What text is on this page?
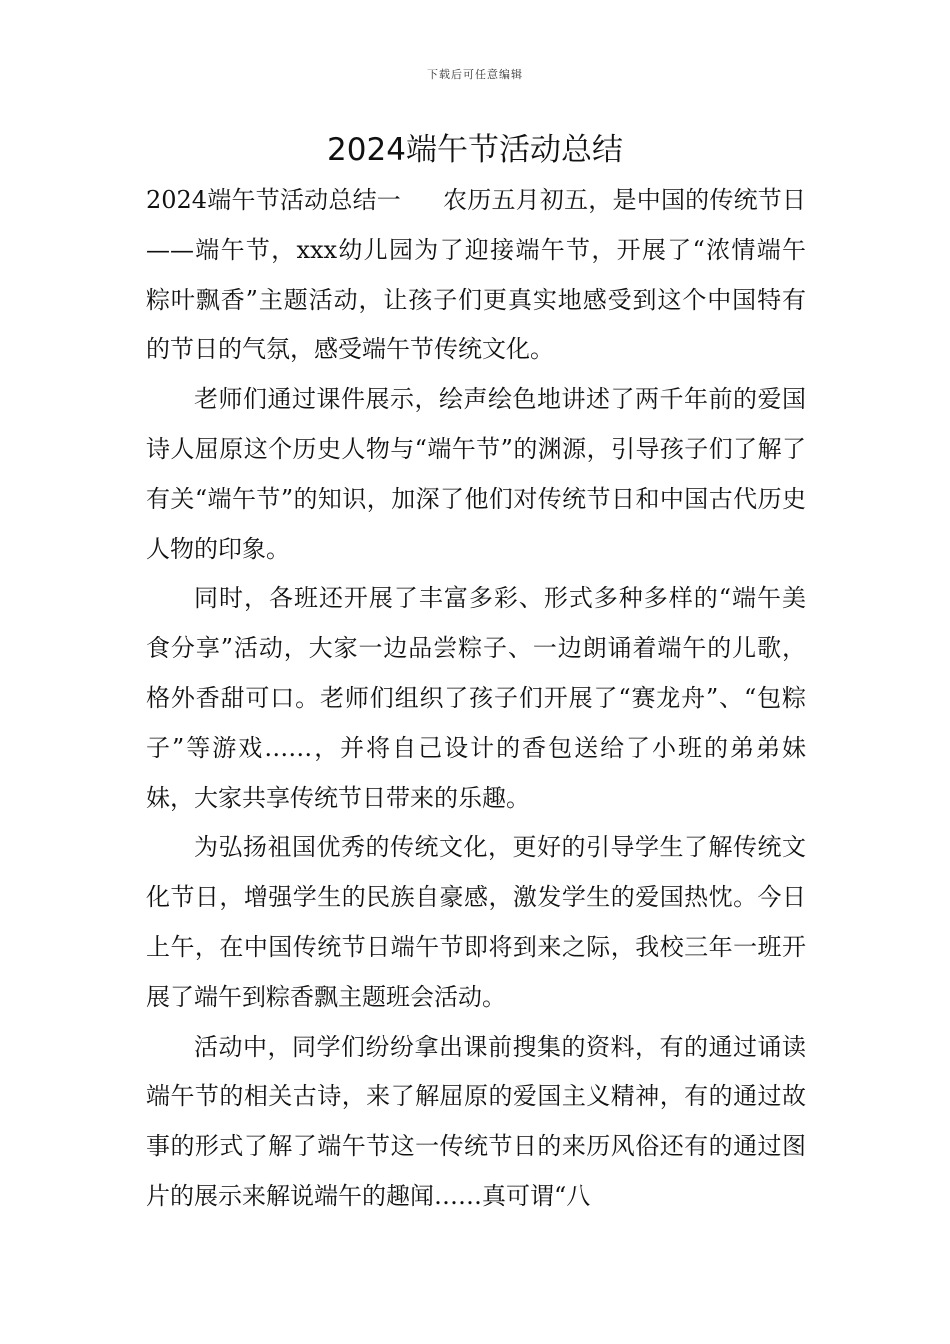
下载后可任意编辑
2024端午节活动总结

2024端午节活动总结一 农历五月初五，是中国的传统节日——端午节，xxx幼儿园为了迎接端午节，开展了“浓情端午 粽叶飘香”主题活动，让孩子们更真实地感受到这个中国特有的节日的气氛，感受端午节传统文化。

老师们通过课件展示，绘声绘色地讲述了两千年前的爱国诗人屈原这个历史人物与“端午节”的渊源，引导孩子们了解了有关“端午节”的知识，加深了他们对传统节日和中国古代历史人物的印象。

同时，各班还开展了丰富多彩、形式多种多样的“端午美食分享”活动，大家一边品尝粽子、一边朗诵着端午的儿歌，格外香甜可口。老师们组织了孩子们开展了“赛龙舟”、“包粽子”等游戏……，并将自己设计的香包送给了小班的弟弟妹妹，大家共享传统节日带来的乐趣。

为弘扬祖国优秀的传统文化，更好的引导学生了解传统文化节日，增强学生的民族自豪感，激发学生的爱国热忱。今日上午，在中国传统节日端午节即将到来之际，我校三年一班开展了端午到粽香飘主题班会活动。

活动中，同学们纷纷拿出课前搜集的资料，有的通过诵读端午节的相关古诗，来了解屈原的爱国主义精神，有的通过故事的形式了解了端午节这一传统节日的来历风俗还有的通过图片的展示来解说端午的趣闻……真可谓“八
